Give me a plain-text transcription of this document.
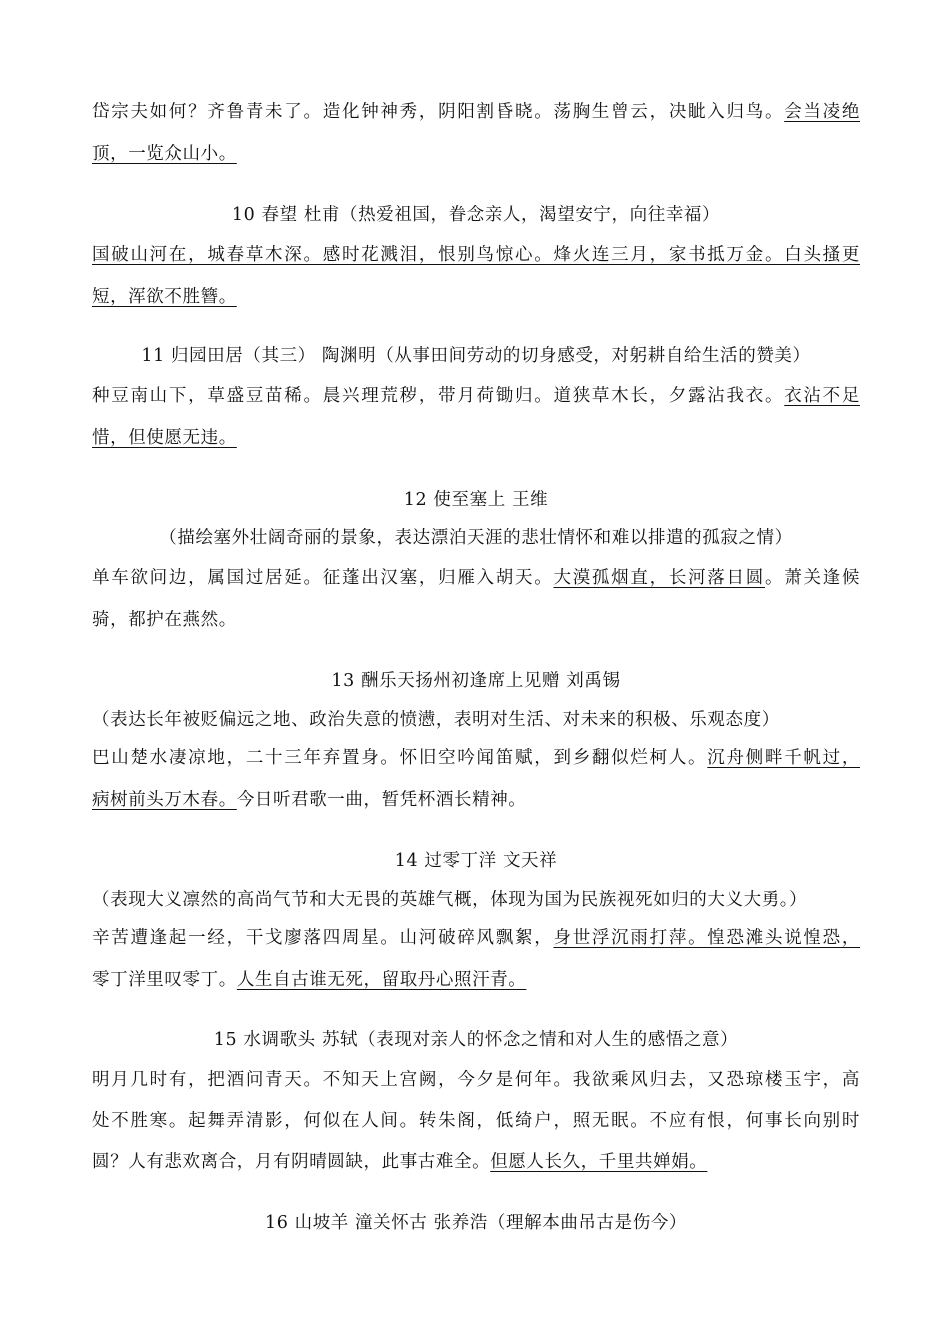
岱宗夫如何？齐鲁青未了。造化钟神秀，阴阳割昏晓。荡胸生曾云，决眦入归鸟。会当凌绝
顶，一览众山小。
10 春望 杜甫（热爱祖国，眷念亲人，渴望安宁，向往幸福）
国破山河在，城春草木深。感时花溅泪，恨别鸟惊心。烽火连三月，家书抵万金。白头搔更
短，浑欲不胜簪。
11 归园田居（其三） 陶渊明（从事田间劳动的切身感受，对躬耕自给生活的赞美）
种豆南山下，草盛豆苗稀。晨兴理荒秽，带月荷锄归。道狭草木长，夕露沾我衣。衣沾不足
惜，但使愿无违。
12 使至塞上 王维
（描绘塞外壮阔奇丽的景象，表达漂泊天涯的悲壮情怀和难以排遣的孤寂之情）
单车欲问边，属国过居延。征蓬出汉塞，归雁入胡天。大漠孤烟直，长河落日圆。萧关逢候
骑，都护在燕然。
13 酬乐天扬州初逢席上见赠 刘禹锡
（表达长年被贬偏远之地、政治失意的愤懑，表明对生活、对未来的积极、乐观态度）
巴山楚水凄凉地，二十三年弃置身。怀旧空吟闻笛赋，到乡翻似烂柯人。沉舟侧畔千帆过，
病树前头万木春。今日听君歌一曲，暂凭杯酒长精神。
14 过零丁洋 文天祥
（表现大义凛然的高尚气节和大无畏的英雄气概，体现为国为民族视死如归的大义大勇。）
辛苦遭逢起一经，干戈廖落四周星。山河破碎风飘絮，身世浮沉雨打萍。惶恐滩头说惶恐，
零丁洋里叹零丁。人生自古谁无死，留取丹心照汗青。
15 水调歌头 苏轼（表现对亲人的怀念之情和对人生的感悟之意）
明月几时有，把酒问青天。不知天上宫阙，今夕是何年。我欲乘风归去，又恐琼楼玉宇，高
处不胜寒。起舞弄清影，何似在人间。转朱阁，低绮户，照无眠。不应有恨，何事长向别时
圆？人有悲欢离合，月有阴晴圆缺，此事古难全。但愿人长久，千里共婵娟。
16 山坡羊 潼关怀古 张养浩（理解本曲吊古是伤今）
